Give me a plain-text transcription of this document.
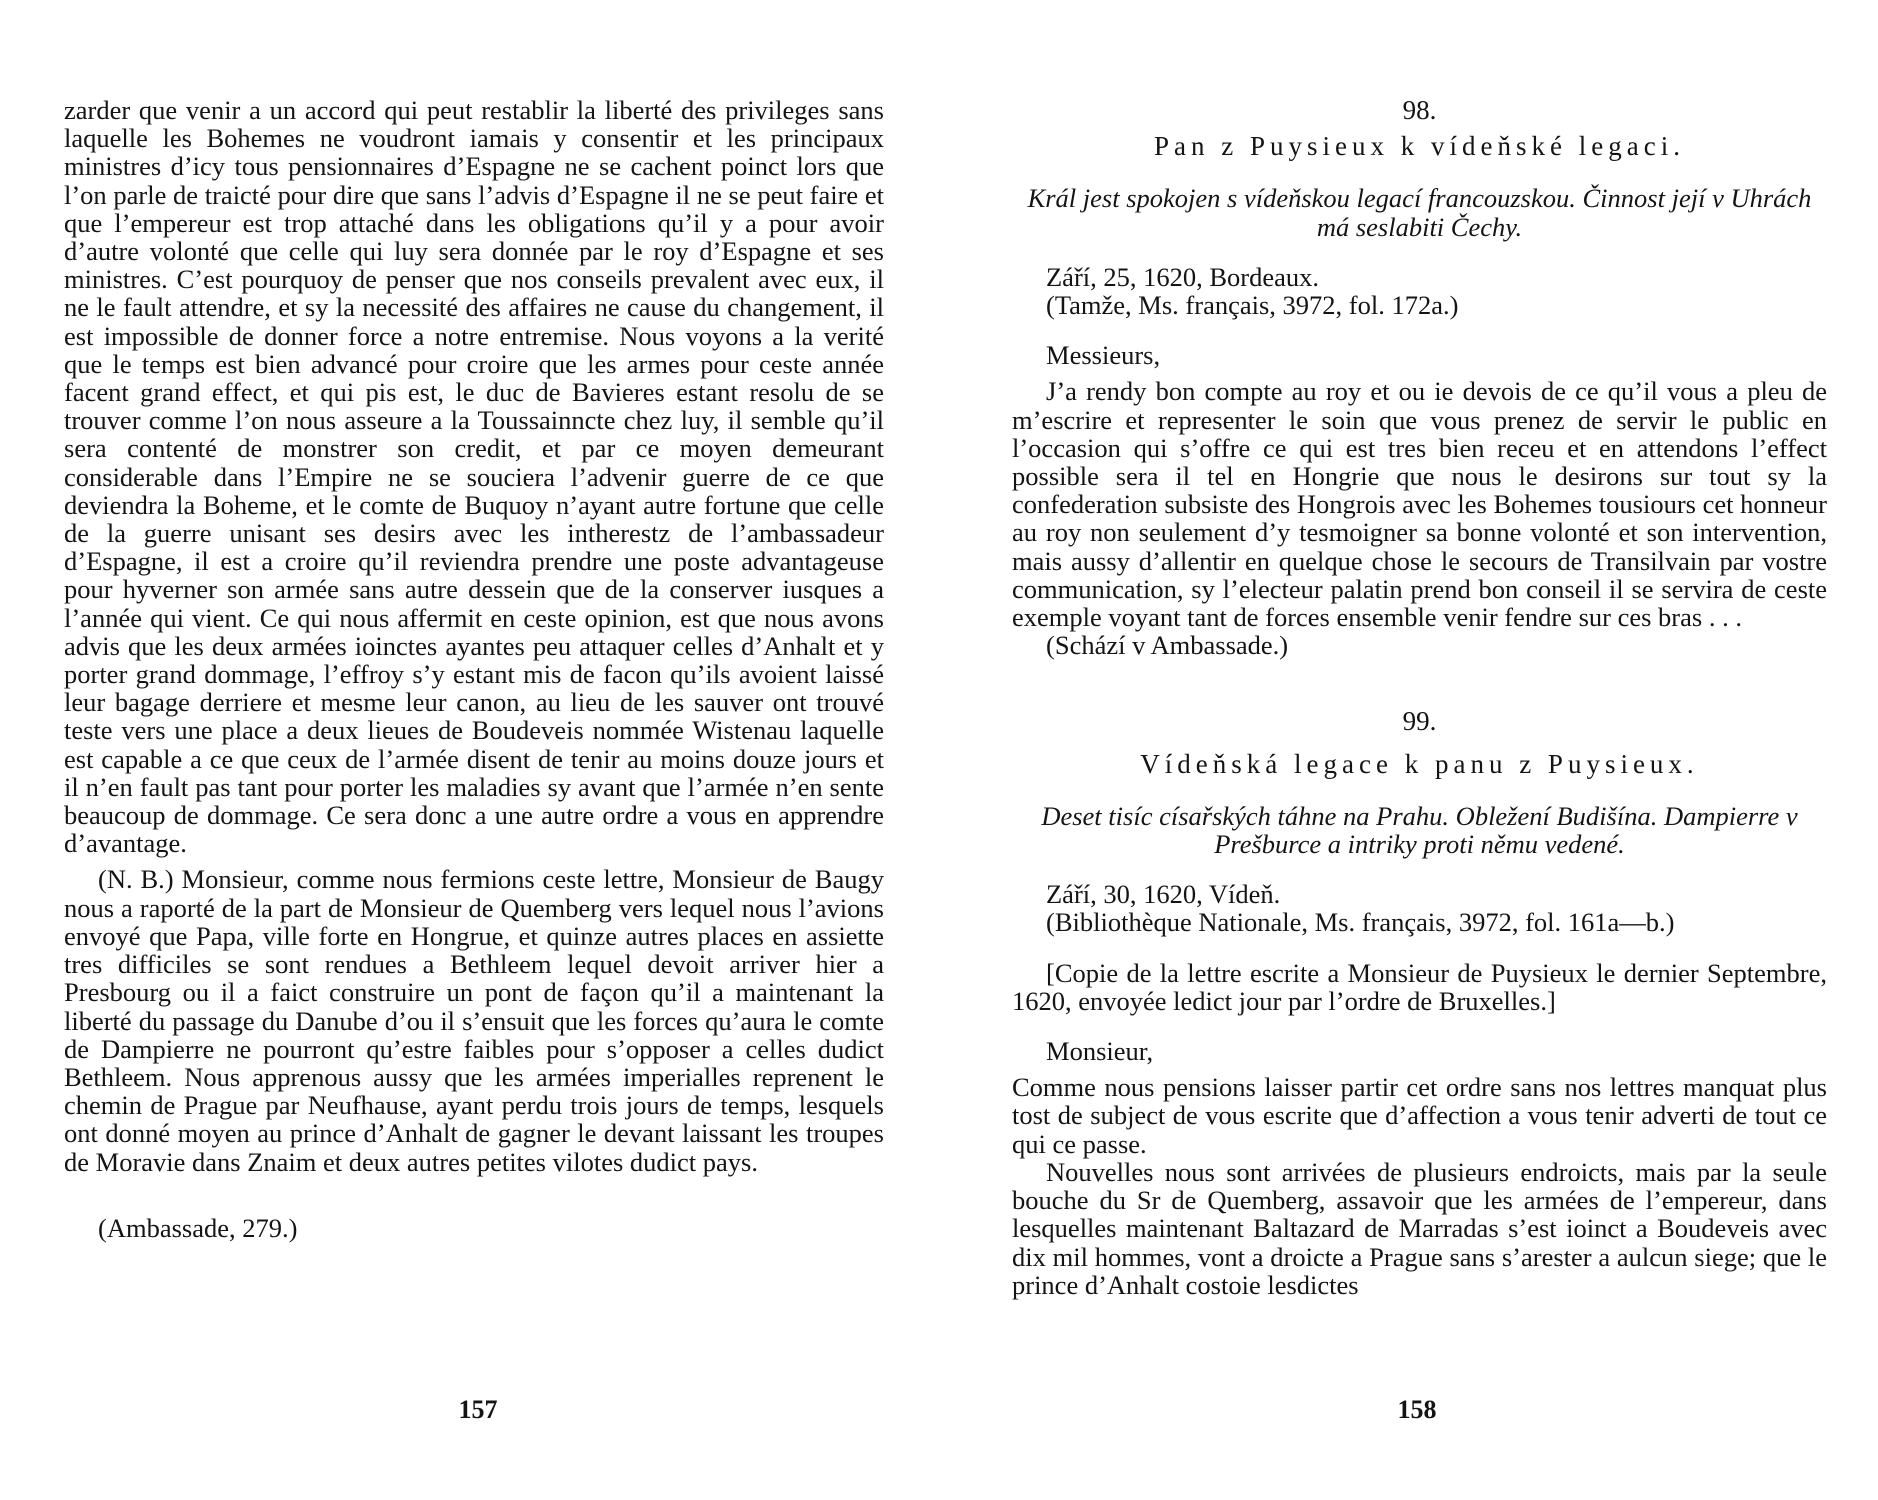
zarder que venir a un accord qui peut restablir la liberté des privileges sans laquelle les Bohemes ne voudront iamais y consentir et les principaux ministres d’icy tous pensionnaires d’Espagne ne se cachent poinct lors que l’on parle de traicté pour dire que sans l’advis d’Espagne il ne se peut faire et que l’empereur est trop attaché dans les obligations qu’il y a pour avoir d’autre volonté que celle qui luy sera donnée par le roy d’Espagne et ses ministres. C’est pourquoy de penser que nos conseils prevalent avec eux, il ne le fault attendre, et sy la necessité des affaires ne cause du changement, il est impossible de donner force a notre entremise. Nous voyons a la verité que le temps est bien advancé pour croire que les armes pour ceste année facent grand effect, et qui pis est, le duc de Bavieres estant resolu de se trouver comme l’on nous asseure a la Toussainncte chez luy, il semble qu’il sera contenté de monstrer son credit, et par ce moyen demeurant considerable dans l’Empire ne se souciera l’advenir guerre de ce que deviendra la Boheme, et le comte de Buquoy n’ayant autre fortune que celle de la guerre unisant ses desirs avec les intherestz de l’ambassadeur d’Espagne, il est a croire qu’il reviendra prendre une poste advantageuse pour hyverner son armée sans autre dessein que de la conserver iusques a l’année qui vient. Ce qui nous affermit en ceste opinion, est que nous avons advis que les deux armées ioinctes ayantes peu attaquer celles d’Anhalt et y porter grand dommage, l’effroy s’y estant mis de facon qu’ils avoient laissé leur bagage derriere et mesme leur canon, au lieu de les sauver ont trouvé teste vers une place a deux lieues de Boudeveis nommée Wistenau laquelle est capable a ce que ceux de l’armée disent de tenir au moins douze jours et il n’en fault pas tant pour porter les maladies sy avant que l’armée n’en sente beaucoup de dommage. Ce sera donc a une autre ordre a vous en apprendre d’avantage.

(N. B.) Monsieur, comme nous fermions ceste lettre, Monsieur de Baugy nous a raporté de la part de Monsieur de Quemberg vers lequel nous l’avions envoyé que Papa, ville forte en Hongrue, et quinze autres places en assiette tres difficiles se sont rendues a Bethleem lequel devoit arriver hier a Presbourg ou il a faict construire un pont de façon qu’il a maintenant la liberté du passage du Danube d’ou il s’ensuit que les forces qu’aura le comte de Dampierre ne pourront qu’estre faibles pour s’opposer a celles dudict Bethleem. Nous apprenous aussy que les armées imperialles reprenent le chemin de Prague par Neufhause, ayant perdu trois jours de temps, lesquels ont donné moyen au prince d’Anhalt de gagner le devant laissant les troupes de Moravie dans Znaim et deux autres petites vilotes dudict pays.

(Ambassade, 279.)

157
98.
Pan z Puysieux k vídeňské legaci.
Král jest spokojen s vídeňskou legací francouzskou. Činnost její v Uhrách má seslabiti Čechy.

Září, 25, 1620, Bordeaux.

(Tamže, Ms. français, 3972, fol. 172a.)

Messieurs,

J’a rendy bon compte au roy et ou ie devois de ce qu’il vous a pleu de m’escrire et representer le soin que vous prenez de servir le public en l’occasion qui s’offre ce qui est tres bien receu et en attendons l’effect possible sera il tel en Hongrie que nous le desirons sur tout sy la confederation subsiste des Hongrois avec les Bohemes tousiours cet honneur au roy non seulement d’y tesmoigner sa bonne volonté et son intervention, mais aussy d’allentir en quelque chose le secours de Transilvain par vostre communication, sy l’electeur palatin prend bon conseil il se servira de ceste exemple voyant tant de forces ensemble venir fendre sur ces bras . . .

(Schází v Ambassade.)

99.
Vídeňská legace k panu z Puysieux.
Deset tisíc císařských táhne na Prahu. Obležení Budišína. Dampierre v Prešburce a intriky proti němu vedené.

Září, 30, 1620, Vídeň.

(Bibliothèque Nationale, Ms. français, 3972, fol. 161a—b.)

[Copie de la lettre escrite a Monsieur de Puysieux le dernier Septembre, 1620, envoyée ledict jour par l’ordre de Bruxelles.]

Monsieur,

Comme nous pensions laisser partir cet ordre sans nos lettres manquat plus tost de subject de vous escrite que d’affection a vous tenir adverti de tout ce qui ce passe.

Nouvelles nous sont arrivées de plusieurs endroicts, mais par la seule bouche du Sr de Quemberg, assavoir que les armées de l’empereur, dans lesquelles maintenant Baltazard de Marradas s’est ioinct a Boudeveis avec dix mil hommes, vont a droicte a Prague sans s’arester a aulcun siege; que le prince d’Anhalt costoie lesdictes

158
